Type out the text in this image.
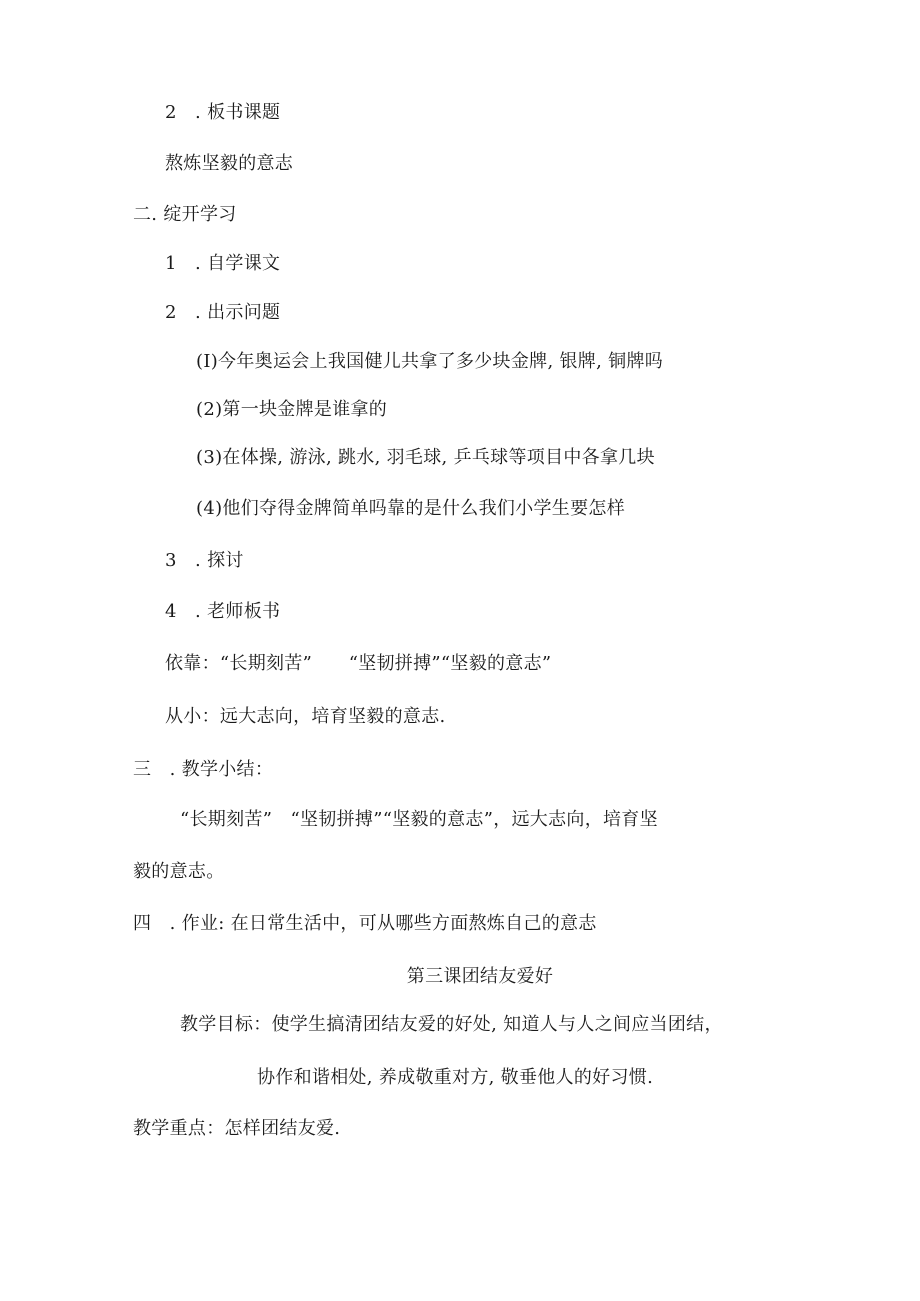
2　. 板书课题
熬炼坚毅的意志
二. 绽开学习
1　. 自学课文
2　. 出示问题
(I)今年奥运会上我国健儿共拿了多少块金牌, 银牌, 铜牌吗
(2)第一块金牌是谁拿的
(3)在体操, 游泳, 跳水, 羽毛球, 乒乓球等项目中各拿几块
(4)他们夺得金牌简单吗靠的是什么我们小学生要怎样
3　. 探讨
4　. 老师板书
依靠：“长期刻苦”　　“坚韧拼搏”“坚毅的意志”
从小：远大志向，培育坚毅的意志.
三　. 教学小结：
“长期刻苦”　“坚韧拼搏”“坚毅的意志”，远大志向，培育坚
毅的意志。
四　. 作业: 在日常生活中，可从哪些方面熬炼自己的意志
第三课团结友爱好
教学目标：使学生搞清团结友爱的好处, 知道人与人之间应当团结，
协作和谐相处, 养成敬重对方, 敬垂他人的好习惯.
教学重点：怎样团结友爱.
